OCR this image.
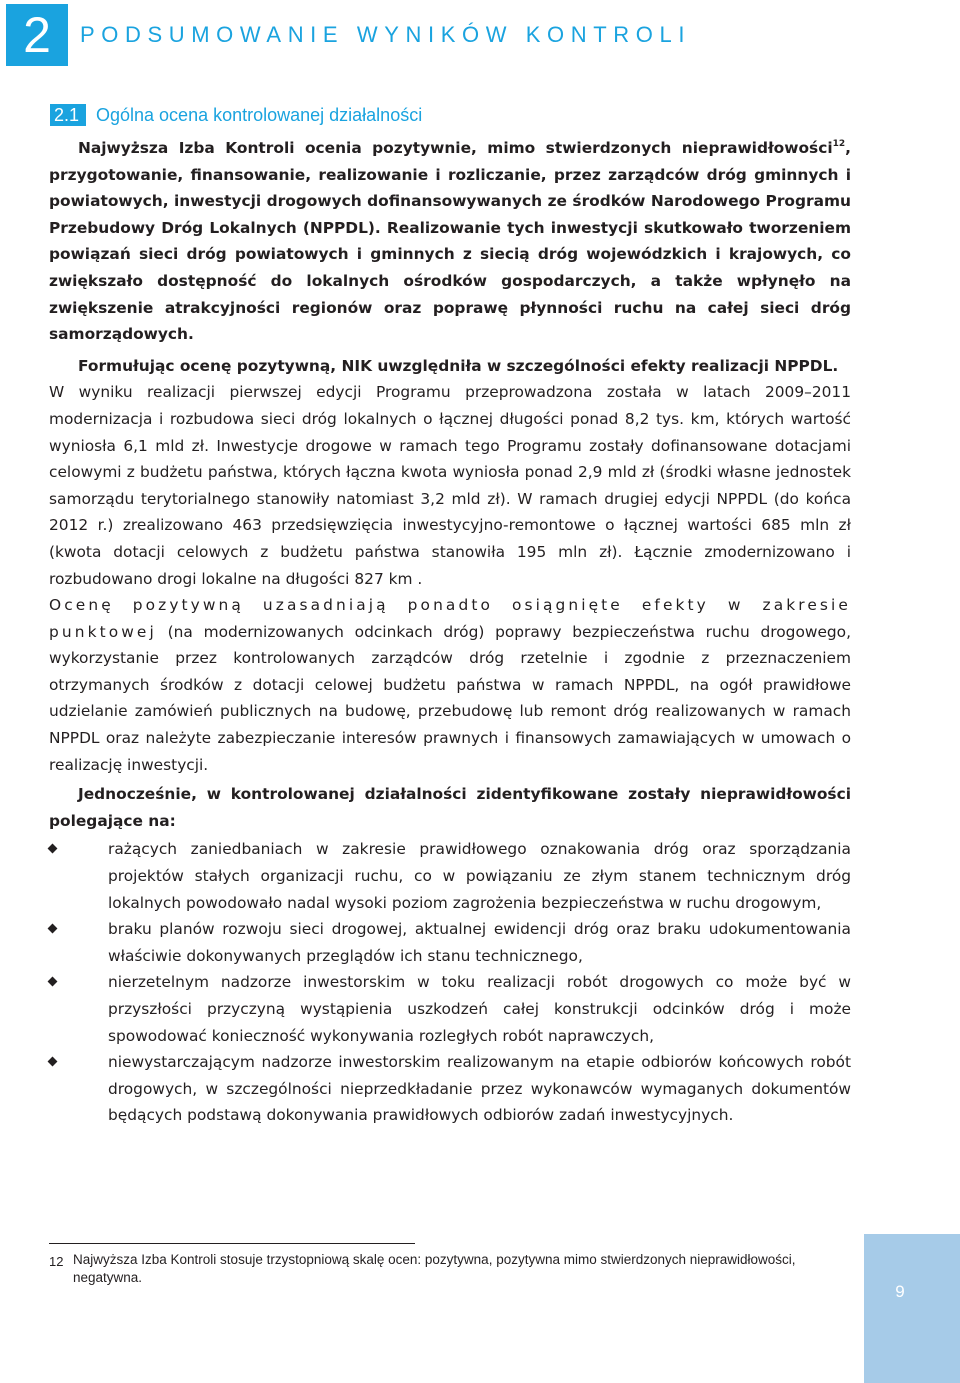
2	PODSUMOWANIE WYNIKÓW KONTROLI
2.1 Ogólna ocena kontrolowanej działalności

Najwyższa Izba Kontroli ocenia pozytywnie, mimo stwierdzonych nieprawidłowości$^{12}$, przygotowanie, finansowanie, realizowanie i rozliczanie, przez zarządców dróg gminnych i powiatowych, inwestycji drogowych dofinansowywanych ze środków Narodowego Programu Przebudowy Dróg Lokalnych (NPPDL). Realizowanie tych inwestycji skutkowało tworzeniem powiązań sieci dróg powiatowych i gminnych z siecią dróg wojewódzkich i krajowych, co zwiększało dostępność do lokalnych ośrodków gospodarczych, a także wpłynęło na zwiększenie atrakcyjności regionów oraz poprawę płynności ruchu na całej sieci dróg samorządowych.

Formułując ocenę pozytywną, NIK uwzględniła w szczególności efekty realizacji NPPDL.

W wyniku realizacji pierwszej edycji Programu przeprowadzona została w latach 2009–2011 modernizacja i rozbudowa sieci dróg lokalnych o łącznej długości ponad 8,2 tys. km, których wartość wyniosła 6,1 mld zł. Inwestycje drogowe w ramach tego Programu zostały dofinansowane dotacjami celowymi z budżetu państwa, których łączna kwota wyniosła ponad 2,9 mld zł (środki własne jednostek samorządu terytorialnego stanowiły natomiast 3,2 mld zł). W ramach drugiej edycji NPPDL (do końca 2012 r.) zrealizowano 463 przedsięwzięcia inwestycyjno-remontowe o łącznej wartości 685 mln zł (kwota dotacji celowych z budżetu państwa stanowiła 195 mln zł). Łącznie zmodernizowano i rozbudowano drogi lokalne na długości 827 km .

Ocenę pozytywną uzasadniają ponadto osiągnięte efekty w zakresie punktowej (na modernizowanych odcinkach dróg) poprawy bezpieczeństwa ruchu drogowego, wykorzystanie przez kontrolowanych zarządców dróg rzetelnie i zgodnie z przeznaczeniem otrzymanych środków z dotacji celowej budżetu państwa w ramach NPPDL, na ogół prawidłowe udzielanie zamówień publicznych na budowę, przebudowę lub remont dróg realizowanych w ramach NPPDL oraz należyte zabezpieczanie interesów prawnych i finansowych zamawiających w umowach o realizację inwestycji.

Jednocześnie, w kontrolowanej działalności zidentyfikowane zostały nieprawidłowości polegające na:

rażących zaniedbaniach w zakresie prawidłowego oznakowania dróg oraz sporządzania projektów stałych organizacji ruchu, co w powiązaniu ze złym stanem technicznym dróg lokalnych powodowało nadal wysoki poziom zagrożenia bezpieczeństwa w ruchu drogowym,
braku planów rozwoju sieci drogowej, aktualnej ewidencji dróg oraz braku udokumentowania właściwie dokonywanych przeglądów ich stanu technicznego,
nierzetelnym nadzorze inwestorskim w toku realizacji robót drogowych co może być w przyszłości przyczyną wystąpienia uszkodzeń całej konstrukcji odcinków dróg i może spowodować konieczność wykonywania rozległych robót naprawczych,
niewystarczającym nadzorze inwestorskim realizowanym na etapie odbiorów końcowych robót drogowych, w szczególności nieprzedkładanie przez wykonawców wymaganych dokumentów będących podstawą dokonywania prawidłowych odbiorów zadań inwestycyjnych.
12 Najwyższa Izba Kontroli stosuje trzystopniową skalę ocen: pozytywna, pozytywna mimo stwierdzonych nieprawidłowości, negatywna.
9
